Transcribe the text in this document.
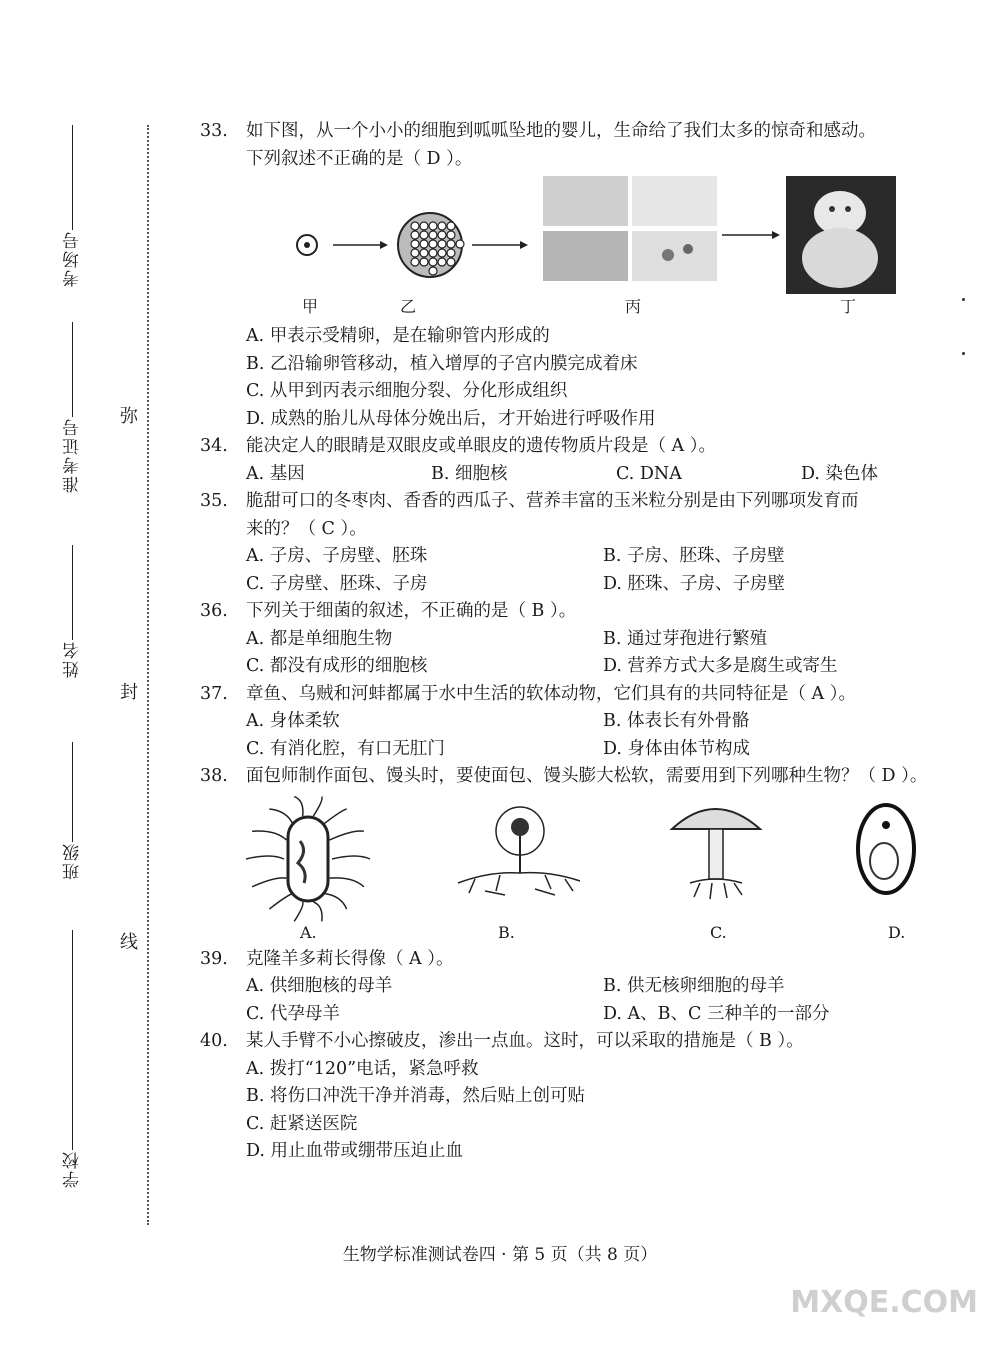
考场号
准考证号
姓名
班级
学校
弥
封
线
33.	如下图，从一个小小的细胞到呱呱坠地的婴儿，生命给了我们太多的惊奇和感动。
下列叙述不正确的是（ D ）。
甲	乙	丙	丁
A. 甲表示受精卵，是在输卵管内形成的
B. 乙沿输卵管移动，植入增厚的子宫内膜完成着床
C. 从甲到丙表示细胞分裂、分化形成组织
D. 成熟的胎儿从母体分娩出后，才开始进行呼吸作用
34.	能决定人的眼睛是双眼皮或单眼皮的遗传物质片段是（ A ）。
A. 基因	B. 细胞核	C. DNA	D. 染色体
35.	脆甜可口的冬枣肉、香香的西瓜子、营养丰富的玉米粒分别是由下列哪项发育而
来的？（ C ）。
A. 子房、子房壁、胚珠	B. 子房、胚珠、子房壁
C. 子房壁、胚珠、子房	D. 胚珠、子房、子房壁
36.	下列关于细菌的叙述，不正确的是（ B ）。
A. 都是单细胞生物	B. 通过芽孢进行繁殖
C. 都没有成形的细胞核	D. 营养方式大多是腐生或寄生
37.	章鱼、乌贼和河蚌都属于水中生活的软体动物，它们具有的共同特征是（ A ）。
A. 身体柔软	B. 体表长有外骨骼
C. 有消化腔，有口无肛门	D. 身体由体节构成
38.	面包师制作面包、馒头时，要使面包、馒头膨大松软，需要用到下列哪种生物？（ D ）。
A.	B.	C.	D.
39.	克隆羊多莉长得像（ A ）。
A. 供细胞核的母羊	B. 供无核卵细胞的母羊
C. 代孕母羊	D. A、B、C 三种羊的一部分
40.	某人手臂不小心擦破皮，渗出一点血。这时，可以采取的措施是（ B ）。
A. 拨打“120”电话，紧急呼救
B. 将伤口冲洗干净并消毒，然后贴上创可贴
C. 赶紧送医院
D. 用止血带或绷带压迫止血
生物学标准测试卷四 · 第 5 页（共 8 页）
MXQE.COM
